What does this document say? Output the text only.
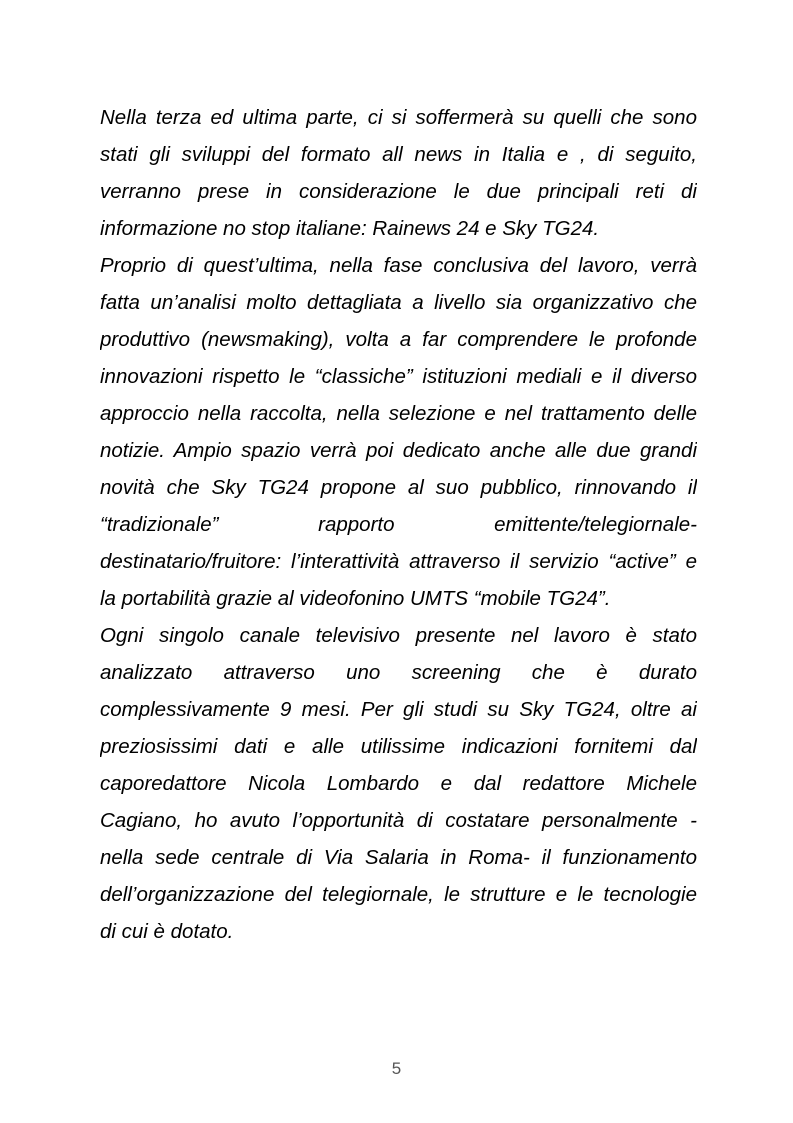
Nella terza ed ultima parte, ci si soffermerà su quelli che sono
stati gli sviluppi del formato all news in Italia e , di seguito,
verranno prese in considerazione le due principali reti di
informazione no stop italiane: Rainews 24 e Sky TG24.
Proprio di quest’ultima, nella fase conclusiva del lavoro, verrà
fatta un’analisi molto dettagliata a livello sia organizzativo che
produttivo (newsmaking), volta a far comprendere le profonde
innovazioni rispetto le “classiche” istituzioni mediali e il diverso
approccio nella raccolta, nella selezione e nel trattamento delle
notizie. Ampio spazio verrà poi dedicato anche alle due grandi
novità che Sky TG24 propone al suo pubblico, rinnovando il
“tradizionale” rapporto emittente/telegiornale-
destinatario/fruitore: l’interattività attraverso il servizio “active” e
la portabilità grazie al videofonino UMTS “mobile TG24”.
Ogni singolo canale televisivo presente nel lavoro è stato
analizzato attraverso uno screening che è durato
complessivamente 9 mesi. Per gli studi su Sky TG24, oltre ai
preziosissimi dati e alle utilissime indicazioni fornitemi dal
caporedattore Nicola Lombardo e dal redattore Michele
Cagiano, ho avuto l’opportunità di costatare personalmente -
nella sede centrale di Via Salaria in Roma- il funzionamento
dell’organizzazione del telegiornale, le strutture e le tecnologie
di cui è dotato.
5
